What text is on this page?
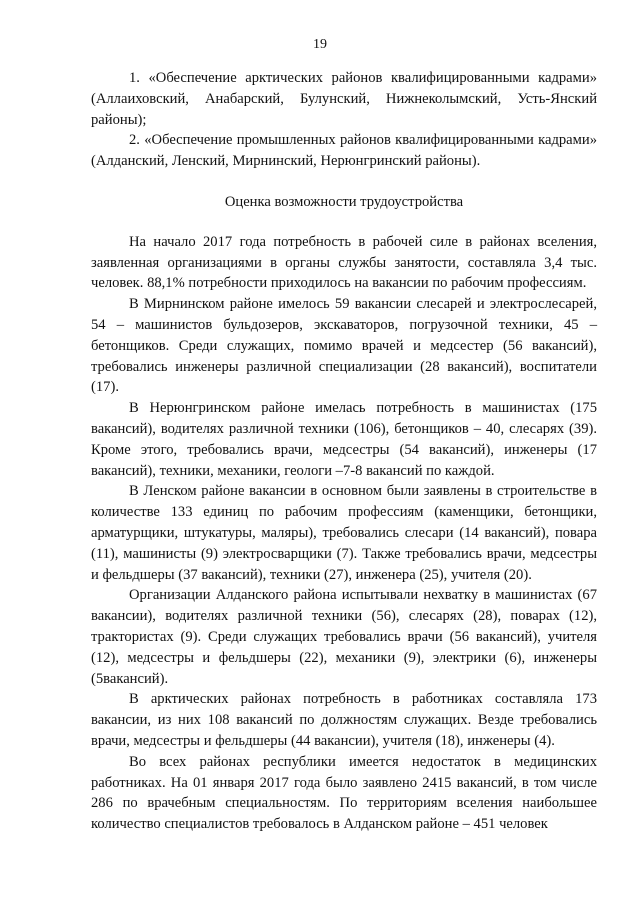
19

1. «Обеспечение арктических районов квалифицированными кадрами» (Аллаиховский, Анабарский, Булунский, Нижнеколымский, Усть-Янский районы);

2. «Обеспечение промышленных районов квалифицированными кадрами» (Алданский, Ленский, Мирнинский, Нерюнгринский районы).

Оценка возможности трудоустройства

На начало 2017 года потребность в рабочей силе в районах вселения, заявленная организациями в органы службы занятости, составляла 3,4 тыс. человек. 88,1% потребности приходилось на вакансии по рабочим профессиям.

В Мирнинском районе имелось 59 вакансии слесарей и электрослесарей, 54 – машинистов бульдозеров, экскаваторов, погрузочной техники, 45 – бетонщиков. Среди служащих, помимо врачей и медсестер (56 вакансий), требовались инженеры различной специализации (28 вакансий), воспитатели (17).

В Нерюнгринском районе имелась потребность в машинистах (175 вакансий), водителях различной техники (106), бетонщиков – 40, слесарях (39). Кроме этого, требовались врачи, медсестры (54 вакансий), инженеры (17 вакансий), техники, механики, геологи –7-8 вакансий по каждой.

В Ленском районе вакансии в основном были заявлены в строительстве в количестве 133 единиц по рабочим профессиям (каменщики, бетонщики, арматурщики, штукатуры, маляры), требовались слесари (14 вакансий), повара (11), машинисты (9) электросварщики (7). Также требовались врачи, медсестры и фельдшеры (37 вакансий), техники (27), инженера (25), учителя (20).

Организации Алданского района испытывали нехватку в машинистах (67 вакансии), водителях различной техники (56), слесарях (28), поварах (12), трактористах (9). Среди служащих требовались врачи (56 вакансий), учителя (12), медсестры и фельдшеры (22), механики (9), электрики (6), инженеры (5вакансий).

В арктических районах потребность в работниках составляла 173 вакансии, из них 108 вакансий по должностям служащих. Везде требовались врачи, медсестры и фельдшеры (44 вакансии), учителя (18), инженеры (4).

Во всех районах республики имеется недостаток в медицинских работниках. На 01 января 2017 года было заявлено 2415 вакансий, в том числе 286 по врачебным специальностям. По территориям вселения наибольшее количество специалистов требовалось в Алданском районе – 451 человек
